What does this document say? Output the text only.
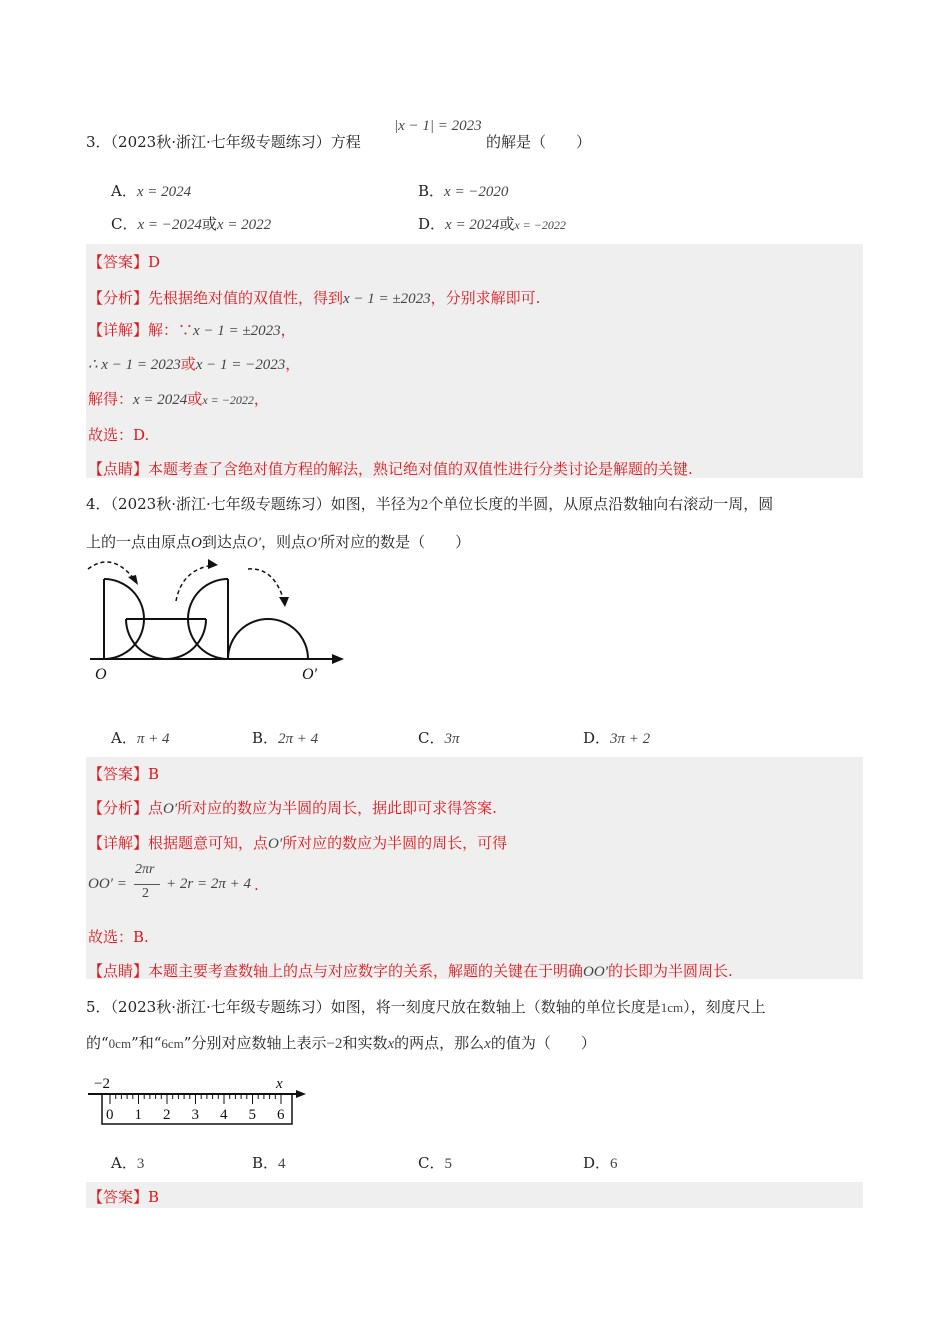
3．（2023秋·浙江·七年级专题练习）方程
|x − 1| = 2023
的解是（　　）
A．x = 2024	B．x = −2020
C．x = −2024或x = 2022	D．x = 2024或x = −2022
【答案】D
【分析】先根据绝对值的双值性，得到x − 1 = ±2023，分别求解即可.
【详解】解：∵x − 1 = ±2023，
∴ x − 1 = 2023或x − 1 = −2023，
解得：x = 2024或x = −2022，
故选：D.
【点睛】本题考查了含绝对值方程的解法，熟记绝对值的双值性进行分类讨论是解题的关键.
4．（2023秋·浙江·七年级专题练习）如图，半径为2个单位长度的半圆，从原点沿数轴向右滚动一周，圆
上的一点由原点O到达点O′，则点O′所对应的数是（　　）
O	O′
A．π + 4	B．2π + 4	C．3π	D．3π + 2
【答案】B
【分析】点O′所对应的数应为半圆的周长，据此即可求得答案.
【详解】根据题意可知，点O′所对应的数应为半圆的周长，可得
OO′ =
2πr
2
+ 2r = 2π + 4 .
故选：B.
【点睛】本题主要考查数轴上的点与对应数字的关系，解题的关键在于明确OO′的长即为半圆周长.
5．（2023秋·浙江·七年级专题练习）如图，将一刻度尺放在数轴上（数轴的单位长度是1cm），刻度尺上
的“0cm”和“6cm”分别对应数轴上表示−2和实数x的两点，那么x的值为（　　）
−2	x
0 1 2 3 4 5 6
A．3	B．4	C．5	D．6
【答案】B
